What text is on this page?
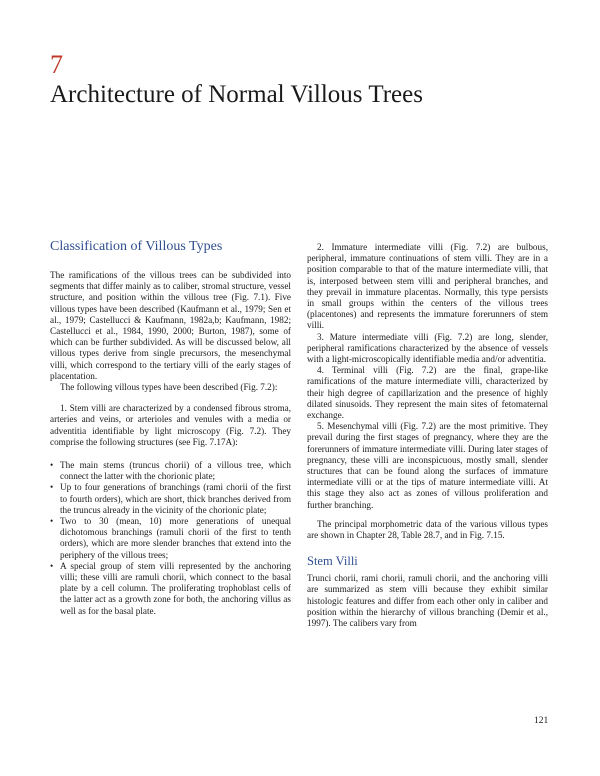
7
Architecture of Normal Villous Trees
Classification of Villous Types

The ramifications of the villous trees can be subdivided into segments that differ mainly as to caliber, stromal structure, vessel structure, and position within the villous tree (Fig. 7.1). Five villous types have been described (Kaufmann et al., 1979; Sen et al., 1979; Castellucci & Kaufmann, 1982a,b; Kaufmann, 1982; Castellucci et al., 1984, 1990, 2000; Burton, 1987), some of which can be further subdivided. As will be discussed below, all villous types derive from single precursors, the mesenchymal villi, which correspond to the tertiary villi of the early stages of placentation.

The following villous types have been described (Fig. 7.2):

1. Stem villi are characterized by a condensed fibrous stroma, arteries and veins, or arterioles and venules with a media or adventitia identifiable by light microscopy (Fig. 7.2). They comprise the following structures (see Fig. 7.17A):

• The main stems (truncus chorii) of a villous tree, which connect the latter with the chorionic plate;
• Up to four generations of branchings (rami chorii of the first to fourth orders), which are short, thick branches derived from the truncus already in the vicinity of the chorionic plate;
• Two to 30 (mean, 10) more generations of unequal dichotomous branchings (ramuli chorii of the first to tenth orders), which are more slender branches that extend into the periphery of the villous trees;
• A special group of stem villi represented by the anchoring villi; these villi are ramuli chorii, which connect to the basal plate by a cell column. The proliferating trophoblast cells of the latter act as a growth zone for both, the anchoring villus as well as for the basal plate.

2. Immature intermediate villi (Fig. 7.2) are bulbous, peripheral, immature continuations of stem villi. They are in a position comparable to that of the mature intermediate villi, that is, interposed between stem villi and peripheral branches, and they prevail in immature placentas. Normally, this type persists in small groups within the centers of the villous trees (placentones) and represents the immature forerunners of stem villi.

3. Mature intermediate villi (Fig. 7.2) are long, slender, peripheral ramifications characterized by the absence of vessels with a light-microscopically identifiable media and/or adventitia.

4. Terminal villi (Fig. 7.2) are the final, grape-like ramifications of the mature intermediate villi, characterized by their high degree of capillarization and the presence of highly dilated sinusoids. They represent the main sites of fetomaternal exchange.

5. Mesenchymal villi (Fig. 7.2) are the most primitive. They prevail during the first stages of pregnancy, where they are the forerunners of immature intermediate villi. During later stages of pregnancy, these villi are inconspicuous, mostly small, slender structures that can be found along the surfaces of immature intermediate villi or at the tips of mature intermediate villi. At this stage they also act as zones of villous proliferation and further branching.

The principal morphometric data of the various villous types are shown in Chapter 28, Table 28.7, and in Fig. 7.15.

Stem Villi

Trunci chorii, rami chorii, ramuli chorii, and the anchoring villi are summarized as stem villi because they exhibit similar histologic features and differ from each other only in caliber and position within the hierarchy of villous branching (Demir et al., 1997). The calibers vary from

121
